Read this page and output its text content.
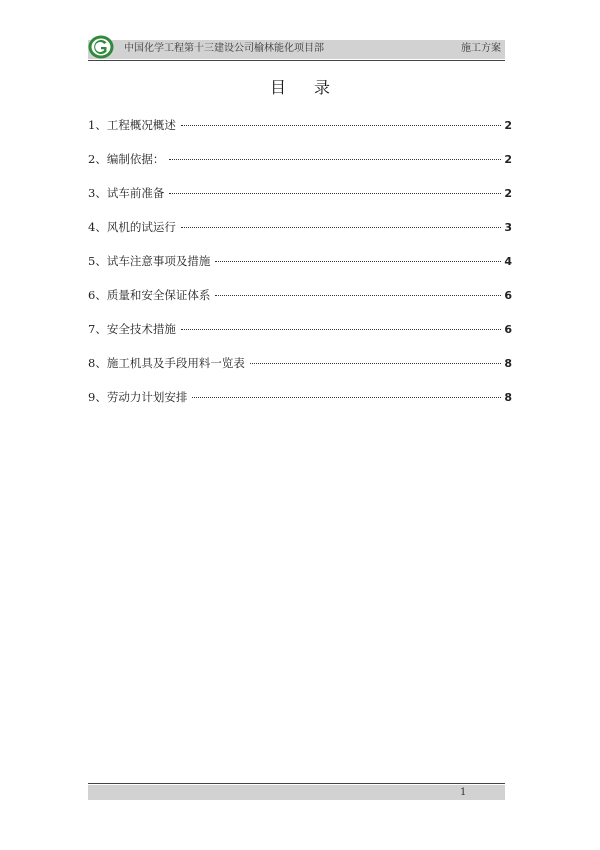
中国化学工程第十三建设公司榆林能化项目部	施工方案
目录
1、工程概况概述	2
2、编制依据：	2
3、试车前准备	2
4、风机的试运行	3
5、试车注意事项及措施	4
6、质量和安全保证体系	6
7、安全技术措施	6
8、施工机具及手段用料一览表	8
9、劳动力计划安排	8
1
